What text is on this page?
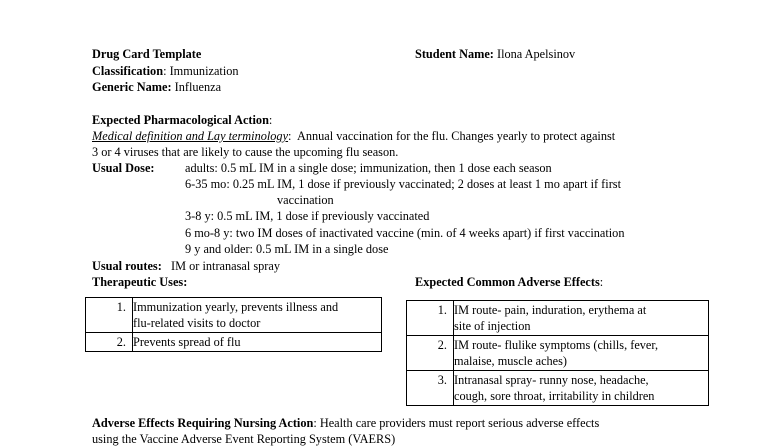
Drug Card Template	Student Name: Ilona Apelsinov
Classification: Immunization
Generic Name: Influenza
Expected Pharmacological Action:
Medical definition and Lay terminology: Annual vaccination for the flu. Changes yearly to protect against
3 or 4 viruses that are likely to cause the upcoming flu season.
Usual Dose: adults: 0.5 mL IM in a single dose; immunization, then 1 dose each season
6-35 mo: 0.25 mL IM, 1 dose if previously vaccinated; 2 doses at least 1 mo apart if first
vaccination
3-8 y: 0.5 mL IM, 1 dose if previously vaccinated
6 mo-8 y: two IM doses of inactivated vaccine (min. of 4 weeks apart) if first vaccination
9 y and older: 0.5 mL IM in a single dose
Usual routes: IM or intranasal spray
Therapeutic Uses:
1.	Immunization yearly, prevents illness and
flu-related visits to doctor
2.	Prevents spread of flu
Expected Common Adverse Effects:
1.	IM route- pain, induration, erythema at
site of injection
2.	IM route- flulike symptoms (chills, fever,
malaise, muscle aches)
3.	Intranasal spray- runny nose, headache,
cough, sore throat, irritability in children
Adverse Effects Requiring Nursing Action: Health care providers must report serious adverse effects
using the Vaccine Adverse Event Reporting System (VAERS)
